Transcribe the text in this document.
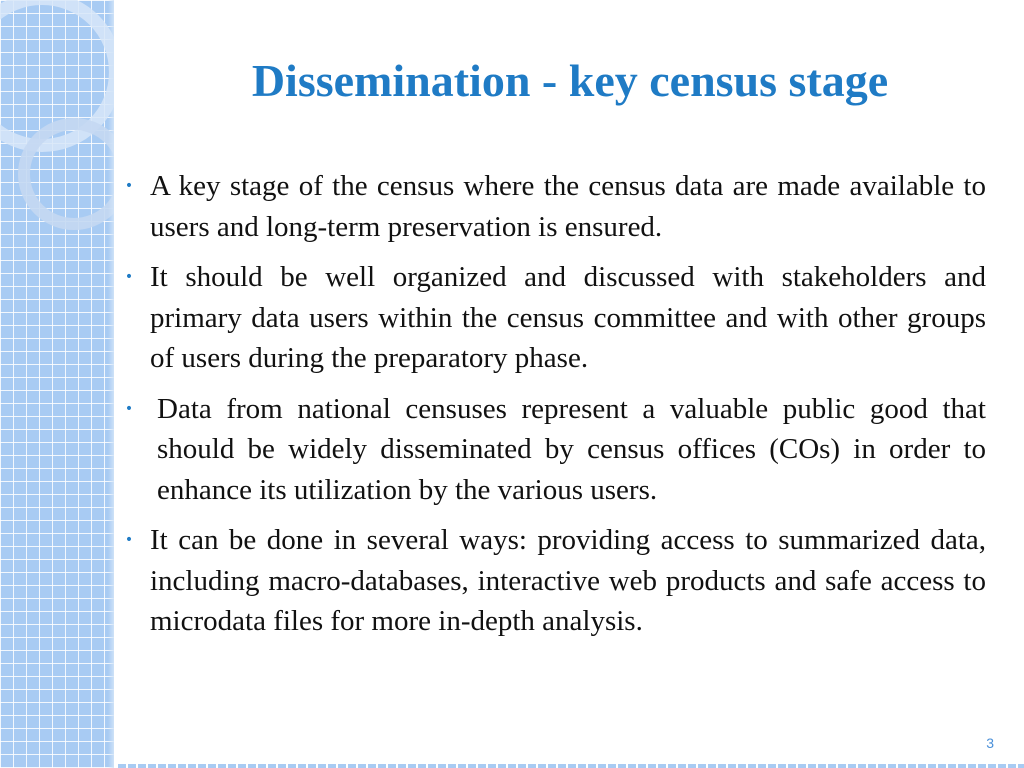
Dissemination - key census stage
• A key stage of the census where the census data are made available to users and long-term preservation is ensured.
• It should be well organized and discussed with stakeholders and primary data users within the census committee and with other groups of users during the preparatory phase.
• Data from national censuses represent a valuable public good that should be widely disseminated by census offices (COs) in order to enhance its utilization by the various users.
• It can be done in several ways: providing access to summarized data, including macro-databases, interactive web products and safe access to microdata files for more in-depth analysis.
3
